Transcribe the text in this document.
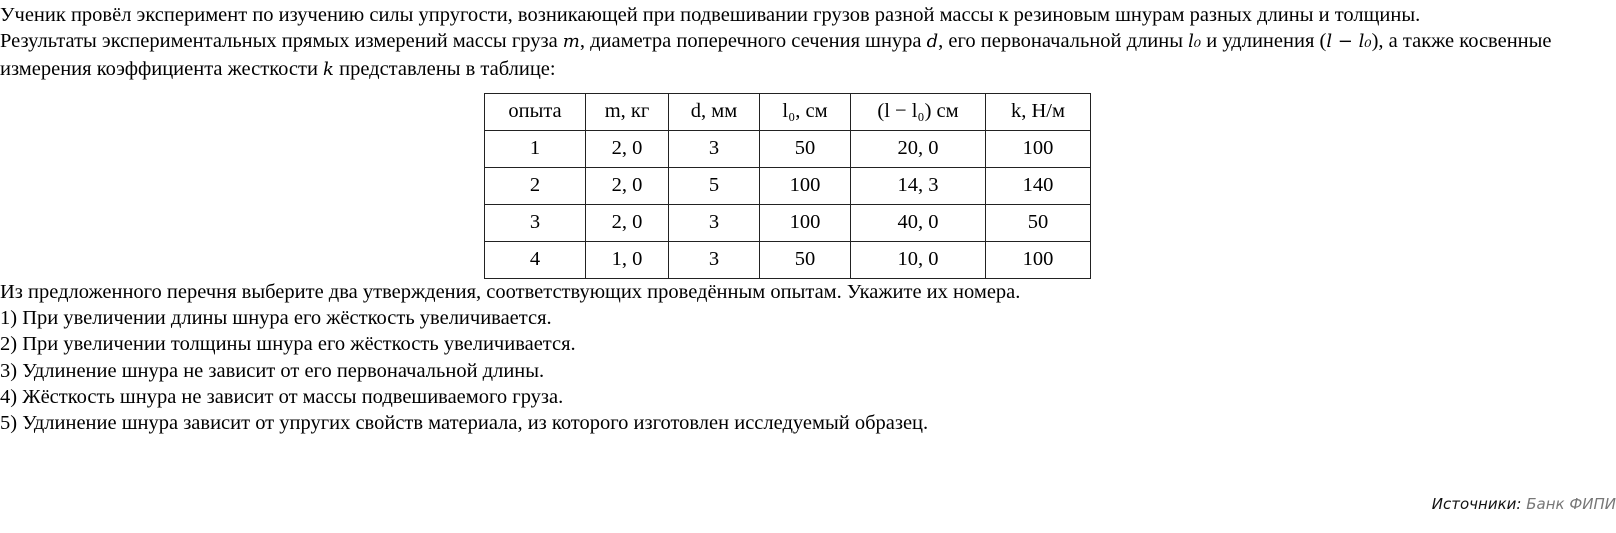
Ученик провёл эксперимент по изучению силы упругости, возникающей при подвешивании грузов разной массы к резиновым шнурам разных длины и толщины.

Результаты экспериментальных прямых измерений массы груза m, диаметра поперечного сечения шнура d, его первоначальной длины l₀ и удлинения (l − l₀), а также косвенные измерения коэффициента жесткости k представлены в таблице:

опыта	m, кг	d, мм	l₀, см	(l − l₀) см	k, Н/м
1	2, 0	3	50	20, 0	100
2	2, 0	5	100	14, 3	140
3	2, 0	3	100	40, 0	50
4	1, 0	3	50	10, 0	100

Из предложенного перечня выберите два утверждения, соответствующих проведённым опытам. Укажите их номера.

1) При увеличении длины шнура его жёсткость увеличивается.

2) При увеличении толщины шнура его жёсткость увеличивается.

3) Удлинение шнура не зависит от его первоначальной длины.

4) Жёсткость шнура не зависит от массы подвешиваемого груза.

5) Удлинение шнура зависит от упругих свойств материала, из которого изготовлен исследуемый образец.

Источники: Банк ФИПИ
